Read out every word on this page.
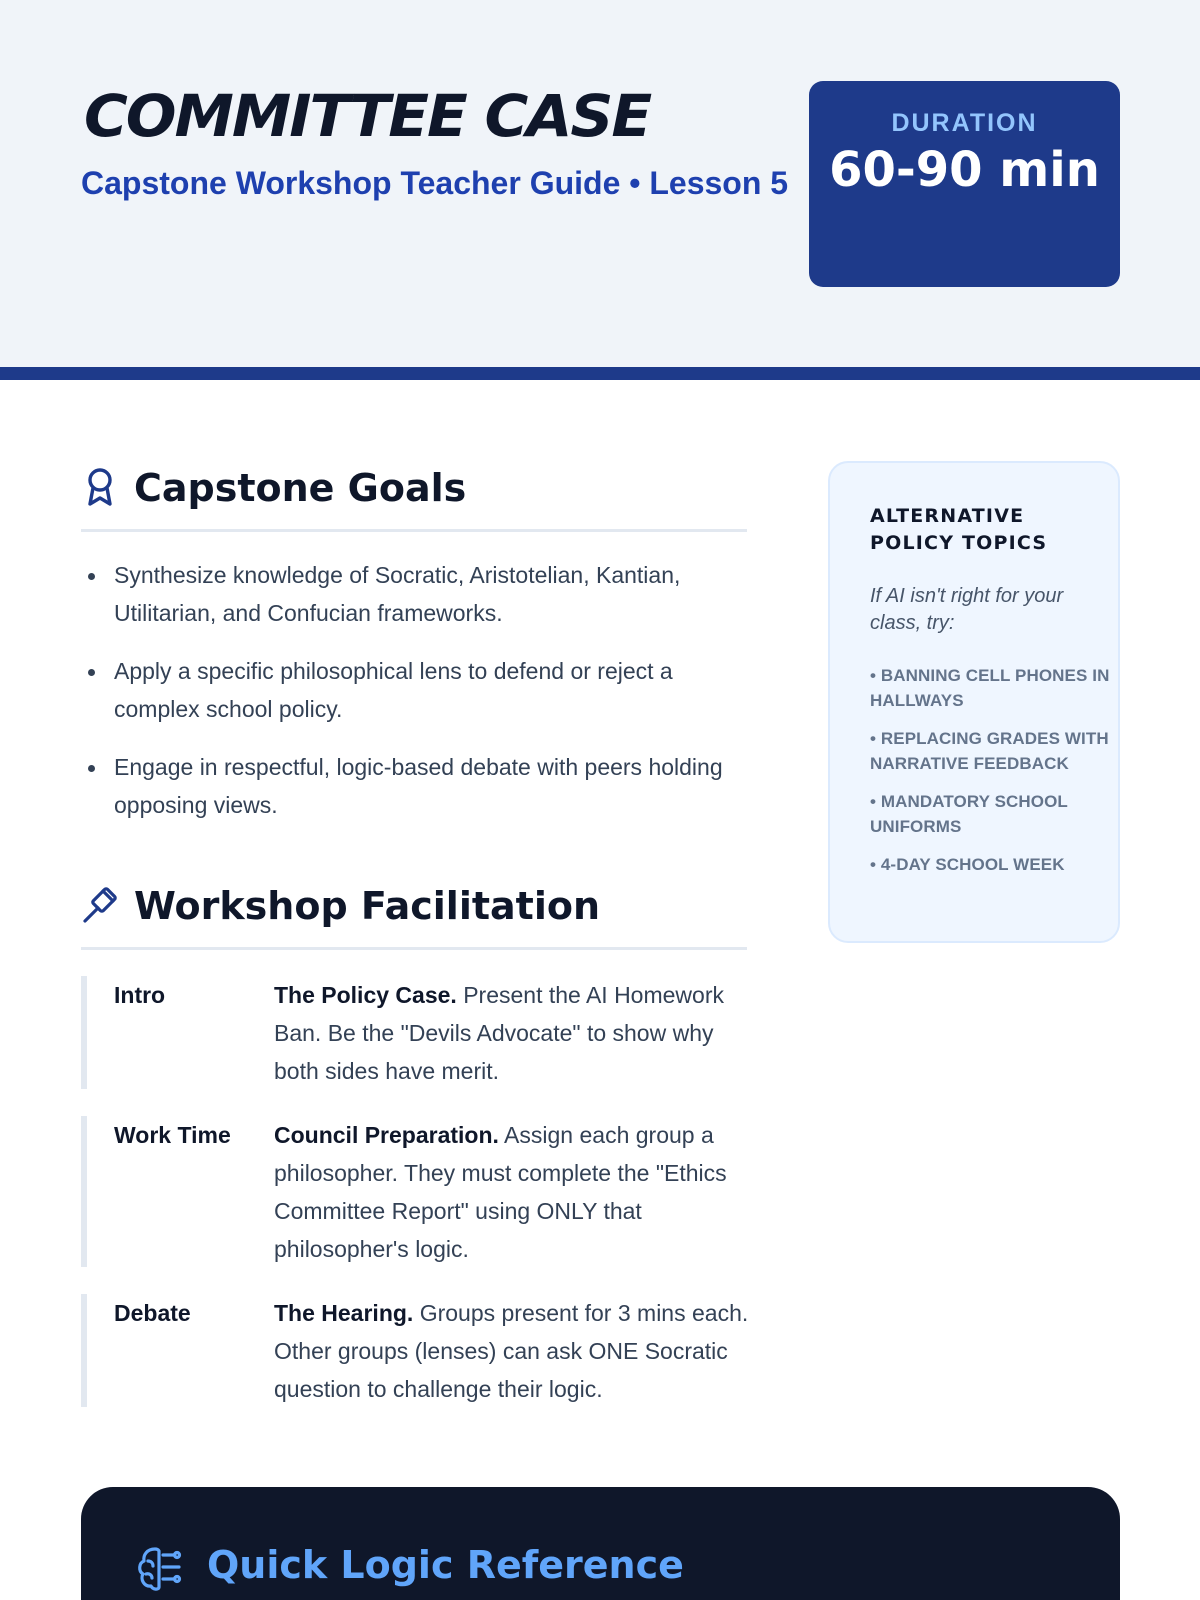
COMMITTEE CASE
Capstone Workshop Teacher Guide • Lesson 5
DURATION
60-90 min
Capstone Goals
Synthesize knowledge of Socratic, Aristotelian, Kantian, Utilitarian, and Confucian frameworks.
Apply a specific philosophical lens to defend or reject a complex school policy.
Engage in respectful, logic-based debate with peers holding opposing views.
Workshop Facilitation
Intro	The Policy Case. Present the AI Homework Ban. Be the "Devils Advocate" to show why both sides have merit.
Work Time Council Preparation. Assign each group a philosopher. They must complete the "Ethics Committee Report" using ONLY that philosopher's logic.
Debate	The Hearing. Groups present for 3 mins each. Other groups (lenses) can ask ONE Socratic question to challenge their logic.
ALTERNATIVE POLICY TOPICS
If AI isn't right for your class, try:
• BANNING CELL PHONES IN HALLWAYS
• REPLACING GRADES WITH NARRATIVE FEEDBACK
• MANDATORY SCHOOL UNIFORMS
• 4-DAY SCHOOL WEEK
Quick Logic Reference
